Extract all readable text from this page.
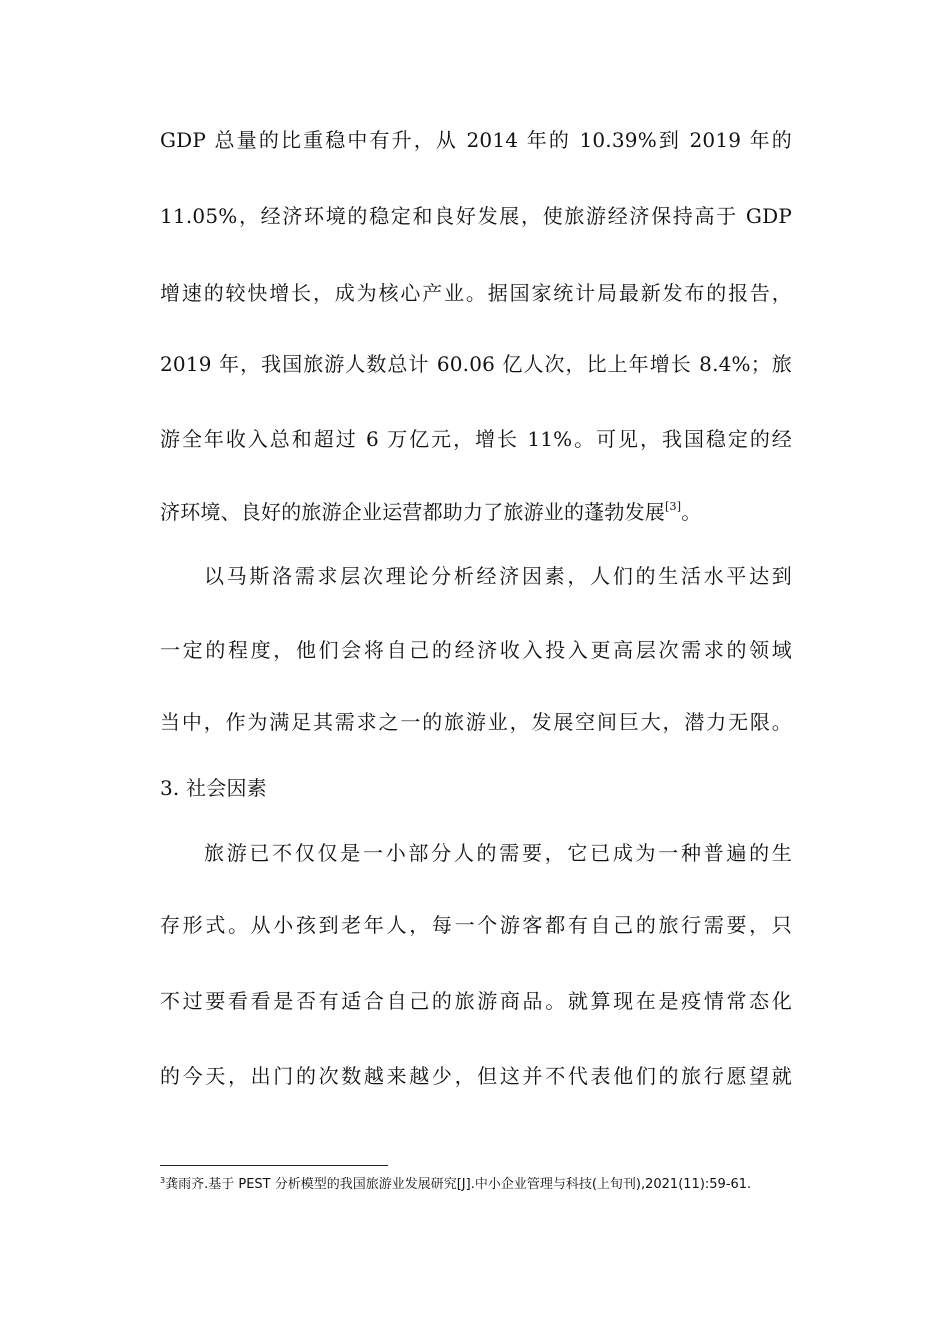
GDP 总量的比重稳中有升，从 2014 年的 10.39%到 2019 年的
11.05%，经济环境的稳定和良好发展，使旅游经济保持高于 GDP
增速的较快增长，成为核心产业。据国家统计局最新发布的报告，
2019 年，我国旅游人数总计 60.06 亿人次，比上年增长 8.4%；旅
游全年收入总和超过 6 万亿元，增长 11%。可见，我国稳定的经
济环境、良好的旅游企业运营都助力了旅游业的蓬勃发展[3]。
以马斯洛需求层次理论分析经济因素，人们的生活水平达到
一定的程度，他们会将自己的经济收入投入更高层次需求的领域
当中，作为满足其需求之一的旅游业，发展空间巨大，潜力无限。
3. 社会因素
旅游已不仅仅是一小部分人的需要，它已成为一种普遍的生
存形式。从小孩到老年人，每一个游客都有自己的旅行需要，只
不过要看看是否有适合自己的旅游商品。就算现在是疫情常态化
的今天，出门的次数越来越少，但这并不代表他们的旅行愿望就
$^3$龚雨齐.基于 PEST 分析模型的我国旅游业发展研究[J].中小企业管理与科技(上旬刊),2021(11):59-61.
